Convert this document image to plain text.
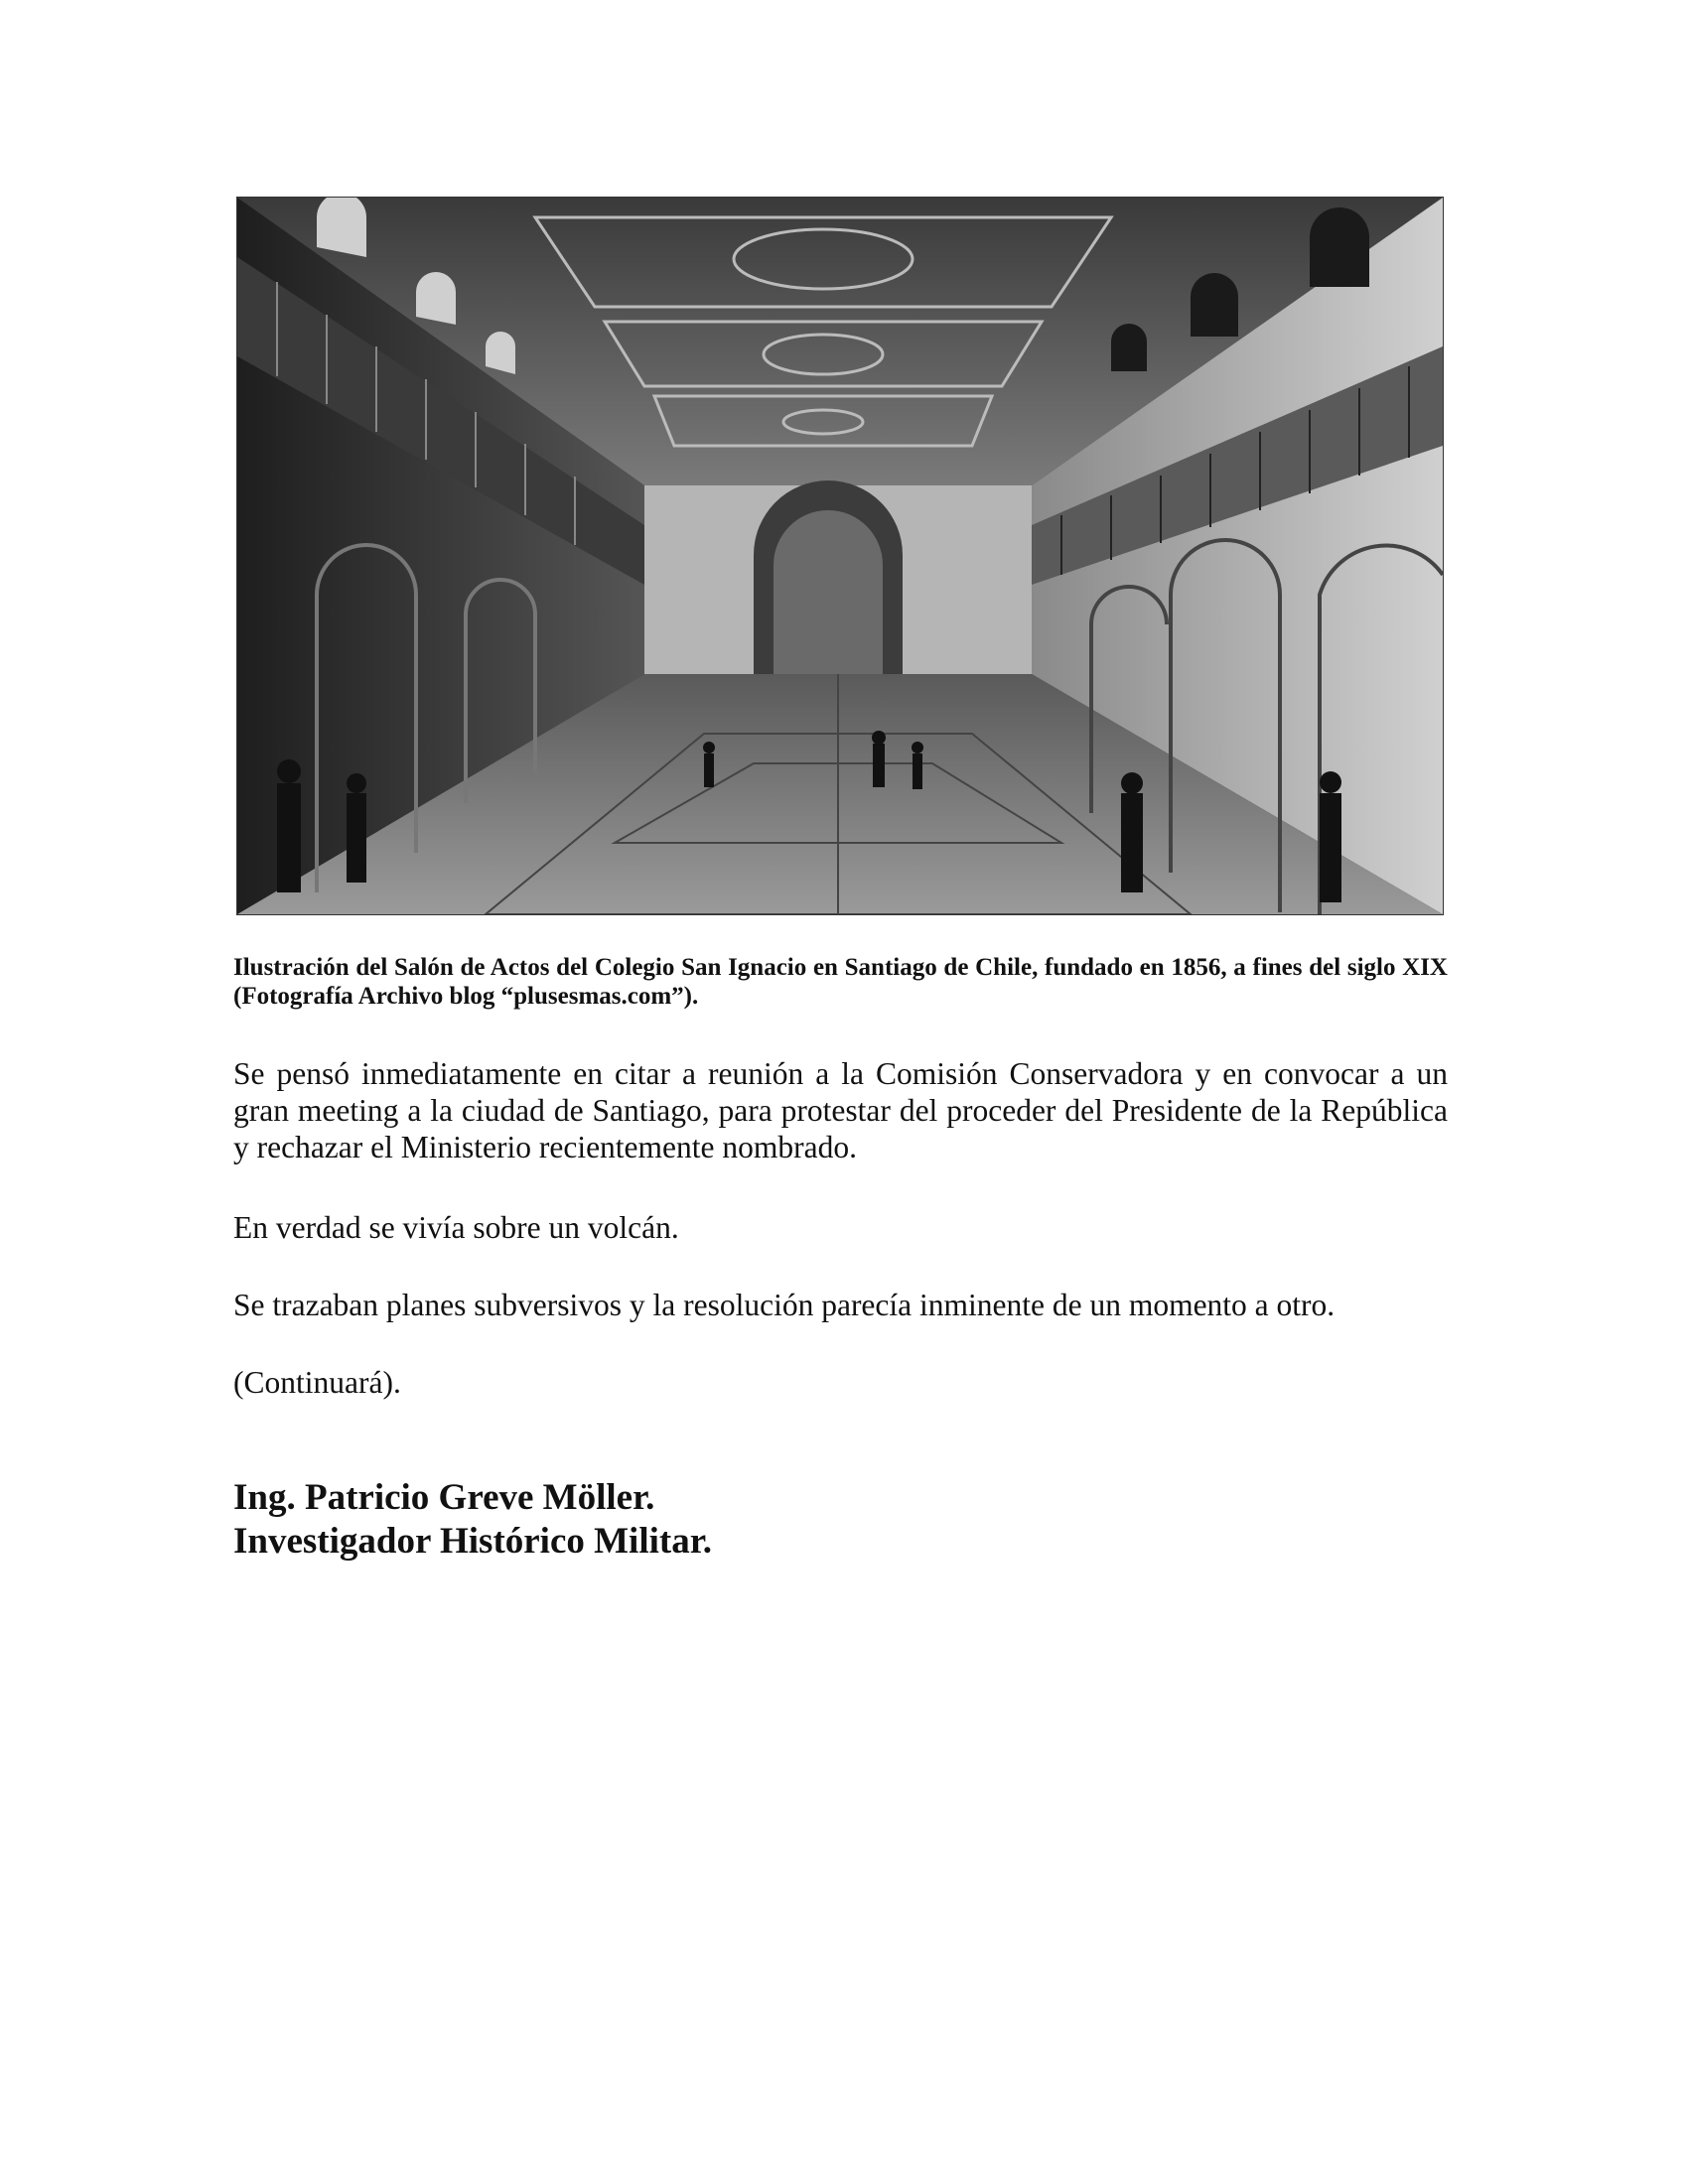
Ilustración del Salón de Actos del Colegio San Ignacio en Santiago de Chile, fundado en 1856, a fines del siglo XIX (Fotografía Archivo blog “plusesmas.com”).

Se pensó inmediatamente en citar a reunión a la Comisión Conservadora y en convocar a un gran meeting a la ciudad de Santiago, para protestar del proceder del Presidente de la República y rechazar el Ministerio recientemente nombrado.

En verdad se vivía sobre un volcán.

Se trazaban planes subversivos y la resolución parecía inminente de un momento a otro.

(Continuará).

Ing. Patricio Greve Möller.
Investigador Histórico Militar.
